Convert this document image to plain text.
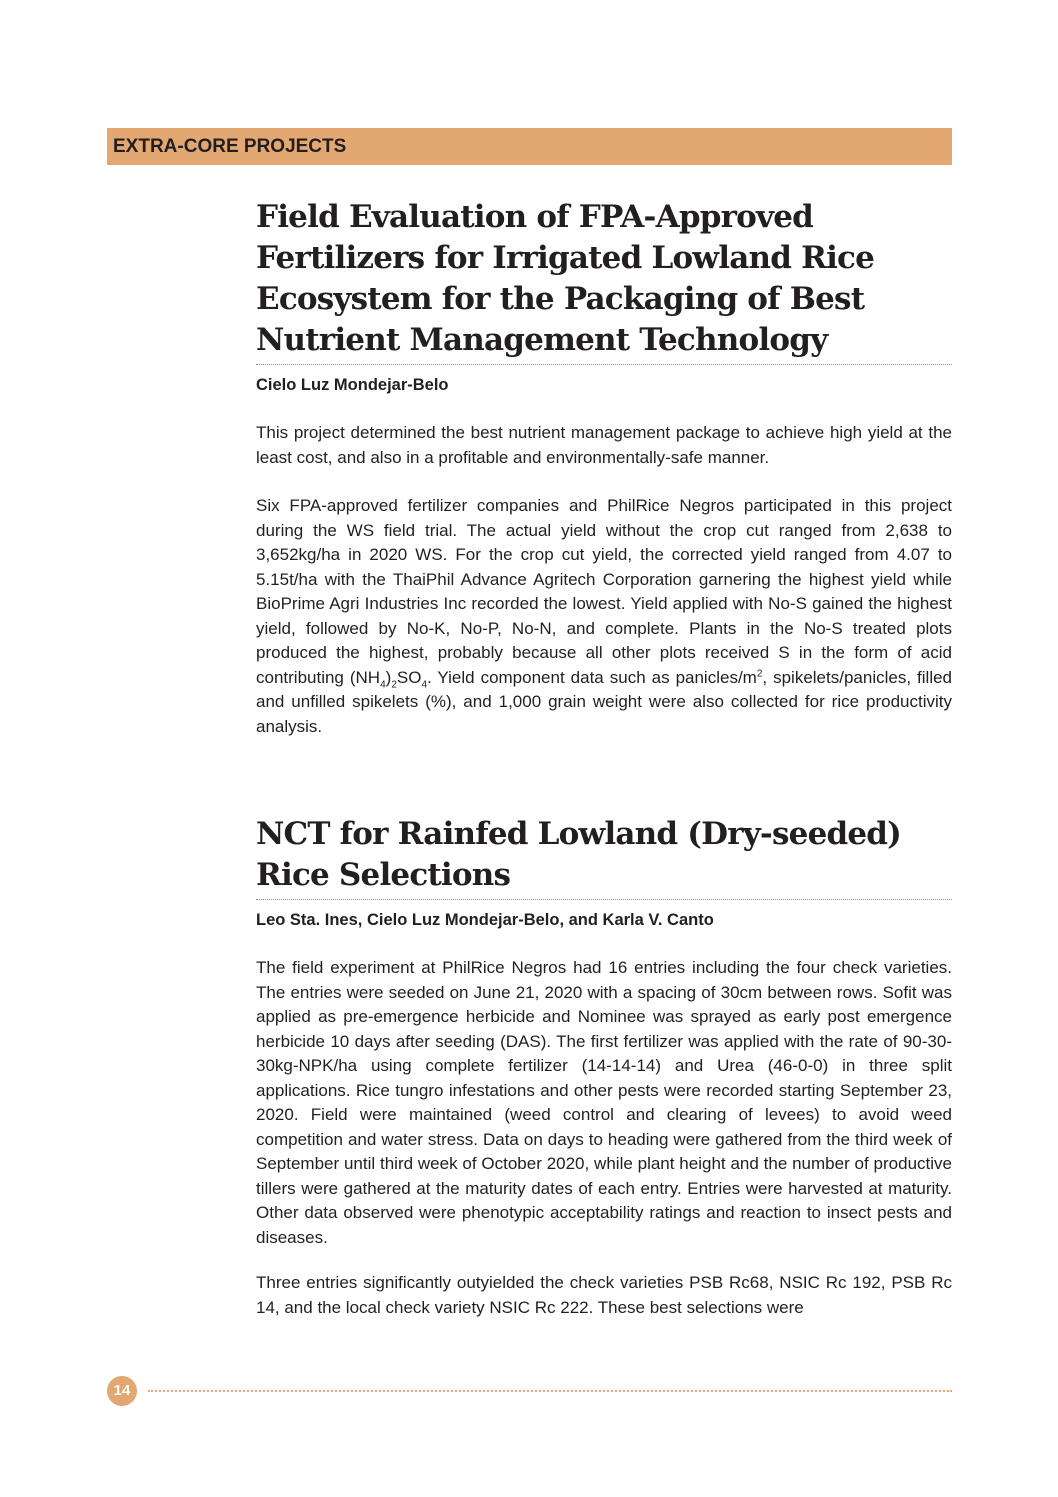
EXTRA-CORE PROJECTS
Field Evaluation of FPA-Approved Fertilizers for Irrigated Lowland Rice Ecosystem for the Packaging of Best Nutrient Management Technology
Cielo Luz Mondejar-Belo

This project determined the best nutrient management package to achieve high yield at the least cost, and also in a profitable and environmentally-safe manner.

Six FPA-approved fertilizer companies and PhilRice Negros participated in this project during the WS field trial. The actual yield without the crop cut ranged from 2,638 to 3,652kg/ha in 2020 WS. For the crop cut yield, the corrected yield ranged from 4.07 to 5.15t/ha with the ThaiPhil Advance Agritech Corporation garnering the highest yield while BioPrime Agri Industries Inc recorded the lowest. Yield applied with No-S gained the highest yield, followed by No-K, No-P, No-N, and complete. Plants in the No-S treated plots produced the highest, probably because all other plots received S in the form of acid contributing $(NH_4)_2SO_4$. Yield component data such as panicles/$m^2$, spikelets/panicles, filled and unfilled spikelets (%), and 1,000 grain weight were also collected for rice productivity analysis.

NCT for Rainfed Lowland (Dry-seeded)
Rice Selections
Leo Sta. Ines, Cielo Luz Mondejar-Belo, and Karla V. Canto

The field experiment at PhilRice Negros had 16 entries including the four check varieties. The entries were seeded on June 21, 2020 with a spacing of 30cm between rows. Sofit was applied as pre-emergence herbicide and Nominee was sprayed as early post emergence herbicide 10 days after seeding (DAS). The first fertilizer was applied with the rate of 90-30-30kg-NPK/ha using complete fertilizer (14-14-14) and Urea (46-0-0) in three split applications. Rice tungro infestations and other pests were recorded starting September 23, 2020. Field were maintained (weed control and clearing of levees) to avoid weed competition and water stress. Data on days to heading were gathered from the third week of September until third week of October 2020, while plant height and the number of productive tillers were gathered at the maturity dates of each entry. Entries were harvested at maturity. Other data observed were phenotypic acceptability ratings and reaction to insect pests and diseases.

Three entries significantly outyielded the check varieties PSB Rc68, NSIC Rc 192, PSB Rc 14, and the local check variety NSIC Rc 222. These best selections were

14
